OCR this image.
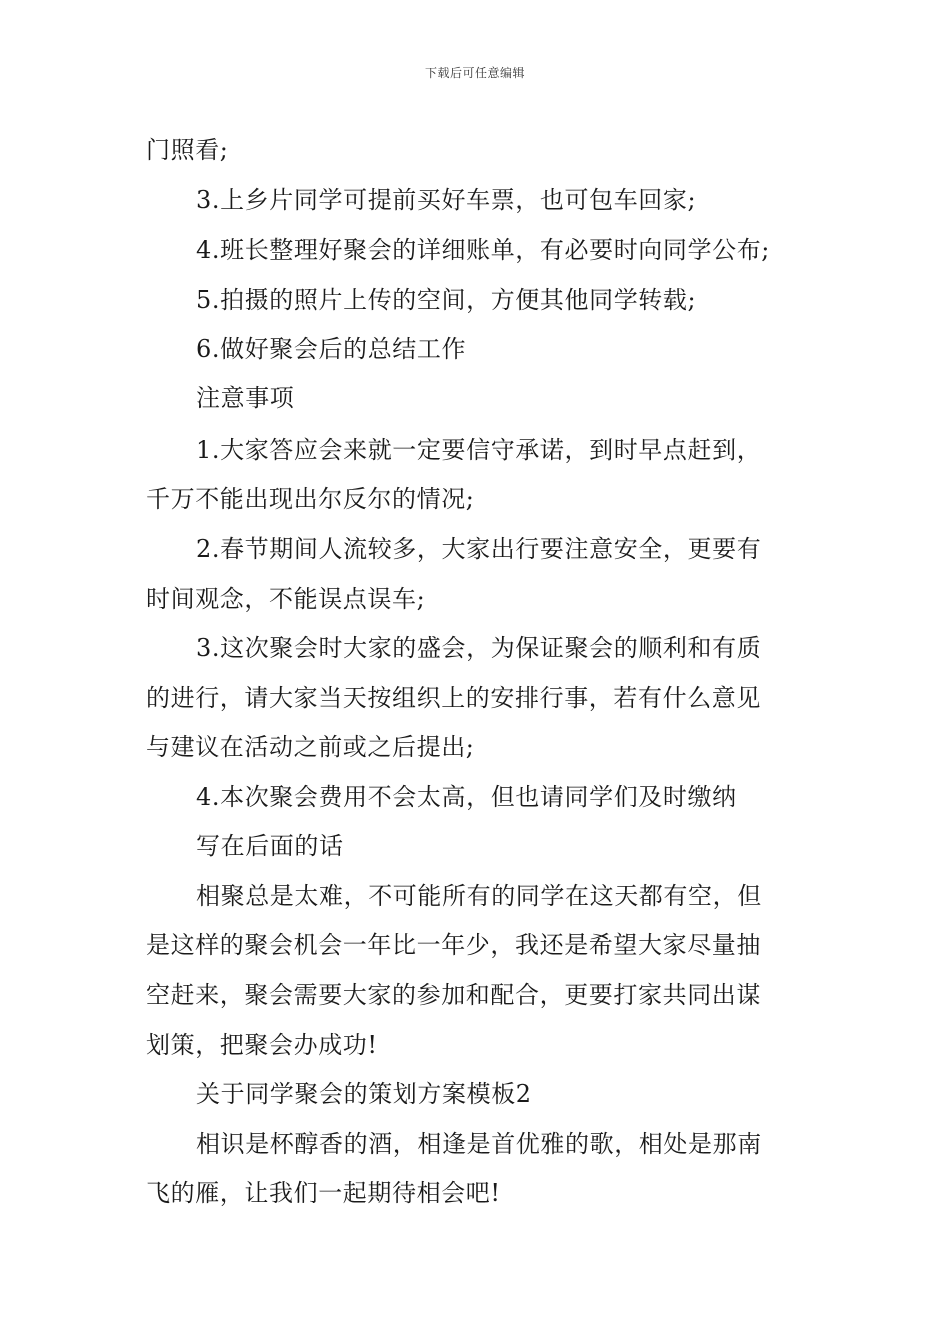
下载后可任意编辑
门照看;
3.上乡片同学可提前买好车票，也可包车回家;
4.班长整理好聚会的详细账单，有必要时向同学公布;
5.拍摄的照片上传的空间，方便其他同学转载;
6.做好聚会后的总结工作
注意事项
1.大家答应会来就一定要信守承诺，到时早点赶到，
千万不能出现出尔反尔的情况;
2.春节期间人流较多，大家出行要注意安全，更要有
时间观念，不能误点误车;
3.这次聚会时大家的盛会，为保证聚会的顺利和有质
的进行，请大家当天按组织上的安排行事，若有什么意见
与建议在活动之前或之后提出;
4.本次聚会费用不会太高，但也请同学们及时缴纳
写在后面的话
相聚总是太难，不可能所有的同学在这天都有空，但
是这样的聚会机会一年比一年少，我还是希望大家尽量抽
空赶来，聚会需要大家的参加和配合，更要打家共同出谋
划策，把聚会办成功!
关于同学聚会的策划方案模板2
相识是杯醇香的酒，相逢是首优雅的歌，相处是那南
飞的雁，让我们一起期待相会吧!
